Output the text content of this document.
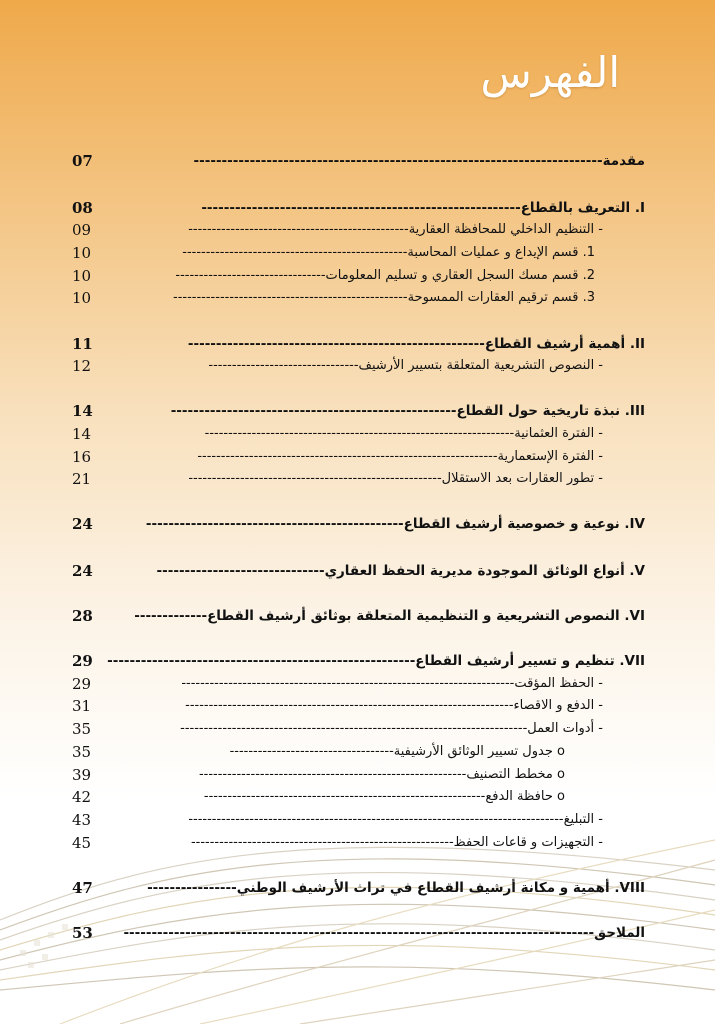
الفهرس
07	مقدمة-------------------------------------------------------------------------
08	I. التعريف بالقطاع---------------------------------------------------------
09	- التنظيم الداخلي للمحافظة العقارية-----------------------------------------------
10	1. قسم الإيداع و عمليات المحاسبة------------------------------------------------
10	2. قسم مسك السجل العقاري و تسليم المعلومات--------------------------------
10	3. قسم ترقيم العقارات الممسوحة--------------------------------------------------
11	II. أهمية أرشيف القطاع-----------------------------------------------------
12	- النصوص التشريعية المتعلقة بتسيير الأرشيف--------------------------------
14	III. نبذة تاريخية حول القطاع---------------------------------------------------
14	- الفترة العثمانية------------------------------------------------------------------
16	- الفترة الإستعمارية----------------------------------------------------------------
21	- تطور العقارات بعد الاستقلال------------------------------------------------------
24	IV. نوعية و خصوصية أرشيف القطاع----------------------------------------------
24	V. أنواع الوثائق الموجودة مديرية الحفظ العقاري------------------------------
28	VI. النصوص التشريعية و التنظيمية المتعلقة بوثائق أرشيف القطاع-------------
29	VII. تنظيم و تسيير أرشيف القطاع-------------------------------------------------------
29	- الحفظ المؤقت-----------------------------------------------------------------------
31	- الدفع و الاقصاء----------------------------------------------------------------------
35	- أدوات العمل--------------------------------------------------------------------------
35	o جدول تسيير الوثائق الأرشيفية-----------------------------------
39	o مخطط التصنيف---------------------------------------------------------
42	o حافظة الدفع------------------------------------------------------------
43	- التبليغ--------------------------------------------------------------------------------
45	- التجهيزات و قاعات الحفظ--------------------------------------------------------
47	VIII. أهمية و مكانة أرشيف القطاع في تراث الأرشيف الوطني----------------
53	الملاحق------------------------------------------------------------------------------------
